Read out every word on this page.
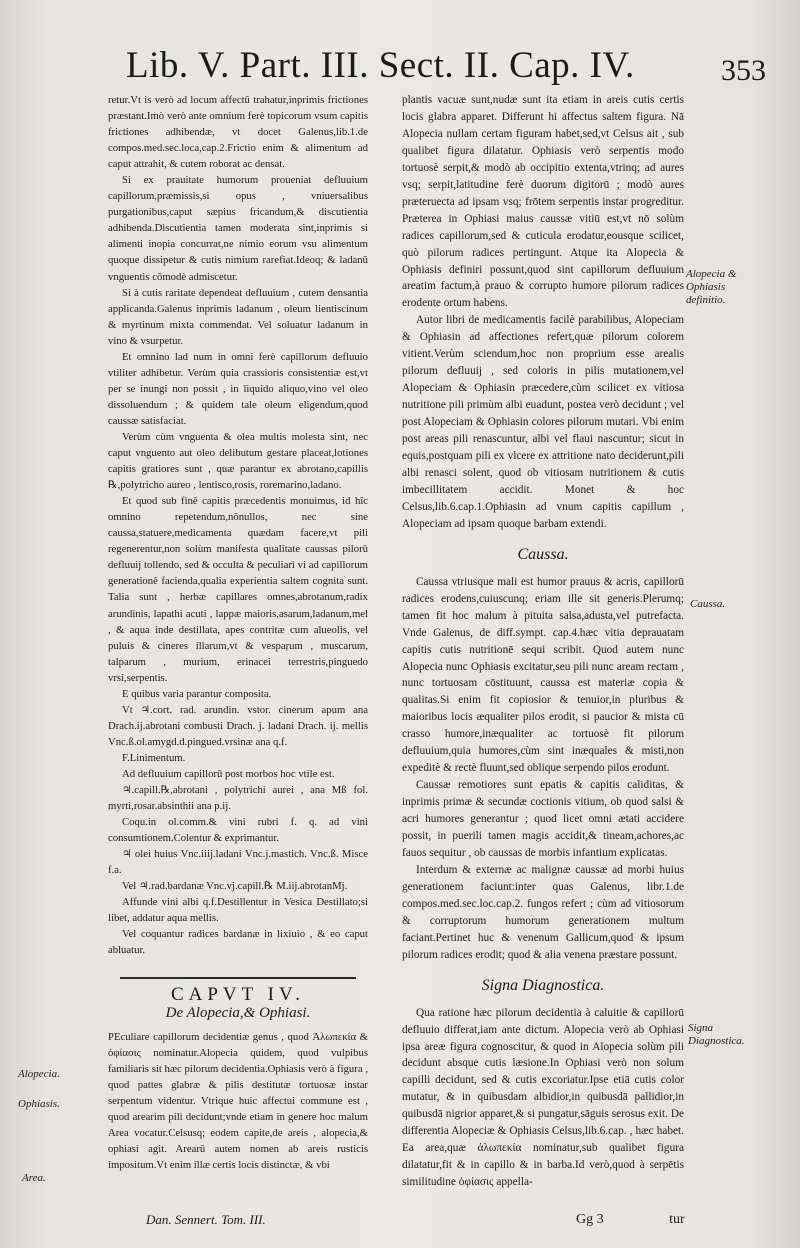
Lib. V. Part. III. Sect. II. Cap. IV.	353

retur.Vt is verò ad locum affectū trahatur,inprimis frictiones præstant.Imò verò ante omnium ferè topicorum vsum capitis frictiones adhibendæ, vt docet Galenus,lib.1.de compos.med.sec.loca,cap.2.Frictio enim & alimentum ad caput attrahit, & cutem roborat ac densat.

Si ex prauitate humorum proueniat defluuium capillorum,præmissis,si opus , vniuersalibus purgationibus,caput sæpius fricandum,& discutientia adhibenda.Discutientia tamen moderata sint,inprimis si alimenti inopia concurrat,ne nimio eorum vsu alimentum quoque dissipetur & cutis nimium rarefiat.Ideoq; & ladanū vnguentis cōmodè admiscetur.

Si à cutis raritate dependeat defluuium , cutem densantia applicanda.Galenus inprimis ladanum , oleum lientiscinum & myrtinum mixta commendat. Vel soluatur ladanum in vino & vsurpetur.

Et omnino lad num in omni ferè capillorum defluuio vtiliter adhibetur. Verùm quia crassioris consistentiæ est,vt per se inungi non possit , in liquido aliquo,vino vel oleo dissoluendum ; & quidem tale oleum eligendum,quod caussæ satisfaciat.

Verùm cùm vnguenta & olea multis molesta sint, nec caput vnguento aut oleo delibutum gestare placeat,lotiones capitis gratiores sunt , quæ parantur ex abrotano,capillis ℞,polytricho aureo , lentisco,rosis, roremarino,ladano.

Et quod sub finē capitis præcedentis monuimus, id hîc omnino repetendum,nōnullos, nec sine caussa,statuere,medicamenta quædam facere,vt pili regenerentur,non solùm manifesta qualitate caussas pilorū defluuij tollendo, sed & occulta & peculiari vi ad capillorum generationē facienda,qualia experientia saltem cognita sunt. Talia sunt , herbæ capillares omnes,abrotanum,radix arundinis, lapathi acuti , lappæ maioris,asarum,ladanum,mel , & aqua inde destillata, apes contritæ cum alueolis, vel puluis & cineres illarum,vt & vespaṛum , muscarum, talparum , murium, erinacei terrestris,pinguedo vrsi,serpentis.

E quibus varia parantur composita.

Vt ♃.cort. rad. arundin. vstor. cinerum apum ana Drach.ij.abrotani combusti Drach. j. ladani Drach. ij. mellis Vnc.ß.ol.amygd.d.pingued.vrsinæ ana q.f.

F.Linimentum.

Ad defluuium capillorū post morbos hoc vtile est.

♃.capill.℞,abrotani , polytrichi aurei , ana Mß fol. myrti,rosar.absinthii ana p.ij.

Coqu.in ol.comm.& vini rubri f. q. ad vini consumtionem.Colentur & exprimantur.

♃ olei huius Vnc.iiij.ladani Vnc.j.mastich. Vnc.ß. Misce f.a.

Vel ♃.rad.bardanæ Vnc.vj.capill.℞ M.iij.abrotanMj.

Affunde vini albi q.f.Destillentur in Vesica Destillato;si libet, addatur aqua mellis.

Vel coquantur radices bardanæ in lixiuio , & eo caput abluatur.

CAPVT IV.
De Alopecia,& Ophiasi.

PEculiare capillorum decidentiæ genus , quod Ἀλωπεκία & ὀφίασις nominatur.Alopecia quidem, quod vulpibus familiaris sit hæc pilorum decidentia.Ophiasis verò à figura , quod pattes glabræ & pilis destitutæ tortuosæ instar serpentum videntur. Vtrique huic affectui commune est , quod arearim pili decidunt;vnde etiam in genere hoc malum Area vocatur.Celsusq; eodem capite,de areis , alopecia,& ophiasi agit. Arearū autem nomen ab areis rusticis impositum.Vt enim illæ certis locis distinctæ, & vbi

plantis vacuæ sunt,nudæ sunt ita etiam in areis cutis certis locis glabra apparet. Differunt hi affectus saltem figura. Nā Alopecia nullam certam figuram habet,sed,vt Celsus ait , sub qualibet figura dilatatur. Ophiasis verò serpentis modo tortuosè serpit,& modò ab occipitio extenta,vtrinq; ad aures vsq; serpit,latitudine ferè duorum digitorū ; modò aures præteruecta ad ipsam vsq; frōtem serpentis instar progreditur. Præterea in Ophiasi maius caussæ vitiū est,vt nō solùm radices capillorum,sed & cuticula erodatur,eousque scilicet, quò pilorum radices pertingunt. Atque ita Alopecia & Ophiasis definiri possunt,quod sint capillorum defluuium areatim factum,à prauo & corrupto humore pilorum radices erodente ortum habens.

Autor libri de medicamentis facilè parabilibus, Alopeciam & Ophiasin ad affectiones refert,quæ pilorum colorem vitient.Verùm sciendum,hoc non proprium esse arealis pilorum defluuij , sed coloris in pilis mutationem,vel Alopeciam & Ophiasin præcedere,cùm scilicet ex vitiosa nutritione pili primùm albi euadunt, postea verò decidunt ; vel post Alopeciam & Ophiasin colores pilorum mutari. Vbi enim post areas pili renascuntur, albi vel flaui nascuntur; sicut in equis,postquam pili ex vlcere ex attritione nato deciderunt,pili albi renasci solent, quod ob vitiosam nutritionem & cutis imbecillitatem accidit. Monet & hoc Celsus,lib.6.cap.1.Ophiasin ad vnum capitis capillum , Alopeciam ad ipsam quoque barbam extendi.

Caussa.

Caussa vtriusque mali est humor prauus & acris, capillorū radices erodens,cuiuscunq; eriam ille sit generis.Plerumq; tamen fit hoc malum à pituita salsa,adusta,vel putrefacta. Vnde Galenus, de diff.sympt. cap.4.hæc vitia deprauatam capitis cutis nutritionē sequi scribit. Quod autem nunc Alopecia nunc Ophiasis excitatur,seu pili nunc aream rectam , nunc tortuosam cōstituunt, caussa est materiæ copia & qualitas.Si enim fit copiosior & tenuior,in pluribus & maioribus locis æqualiter pilos erodit, si paucior & mista cū crasso humore,inæqualiter ac tortuosè fit pilorum defluuium,quia humores,cùm sint inæquales & misti,non expeditè & rectè fluunt,sed oblique serpendo pilos erodunt.

Caussæ remotiores sunt epatis & capitis caliditas, & inprimis primæ & secundæ coctionis vitium, ob quod salsi & acri humores generantur ; quod licet omni ætati accidere possit, in puerili tamen magis accidit,& tineam,achores,ac fauos sequitur , ob caussas de morbis infantium explicatas.

Interdum & externæ ac malignæ caussæ ad morbi huius generationem faciunt:inter quas Galenus, libr.1.de compos.med.sec.loc.cap.2. fungos refert ; cùm ad vitiosorum & corruptorum humorum generationem multum faciant.Pertinet huc & venenum Gallicum,quod & ipsum pilorum radices erodit; quod & alia venena præstare possunt.

Signa Diagnostica.

Qua ratione hæc pilorum decidentia à caluitie & capillorū defluuio differat,iam ante dictum. Alopecia verò ab Ophiasi ipsa areæ figura cognoscitur, & quod in Alopecia solùm pili decidunt absque cutis læsione.In Ophiasi verò non solum capilli decidunt, sed & cutis excoriatur.Ipse etiā cutis color mutatur, & in quibusdam albidior,in quibusdā pallidior,in quibusdā nigrior apparet,& si pungatur,sāguis serosus exit. De differentia Alopeciæ & Ophiasis Celsus,lib.6.cap. , hæc habet. Ea area,quæ ἀλωπεκία nominatur,sub qualibet figura dilatatur,fit & in capillo & in barba.Id verò,quod à serpētis similitudine ὀφίασις appella-

Alopecia & Ophiasis definitio.
Caussa.
Signa Diagnostica.
Alopecia.
Ophiasis.
Area.
Dan. Sennert. Tom. III.	Gg 3	tur
